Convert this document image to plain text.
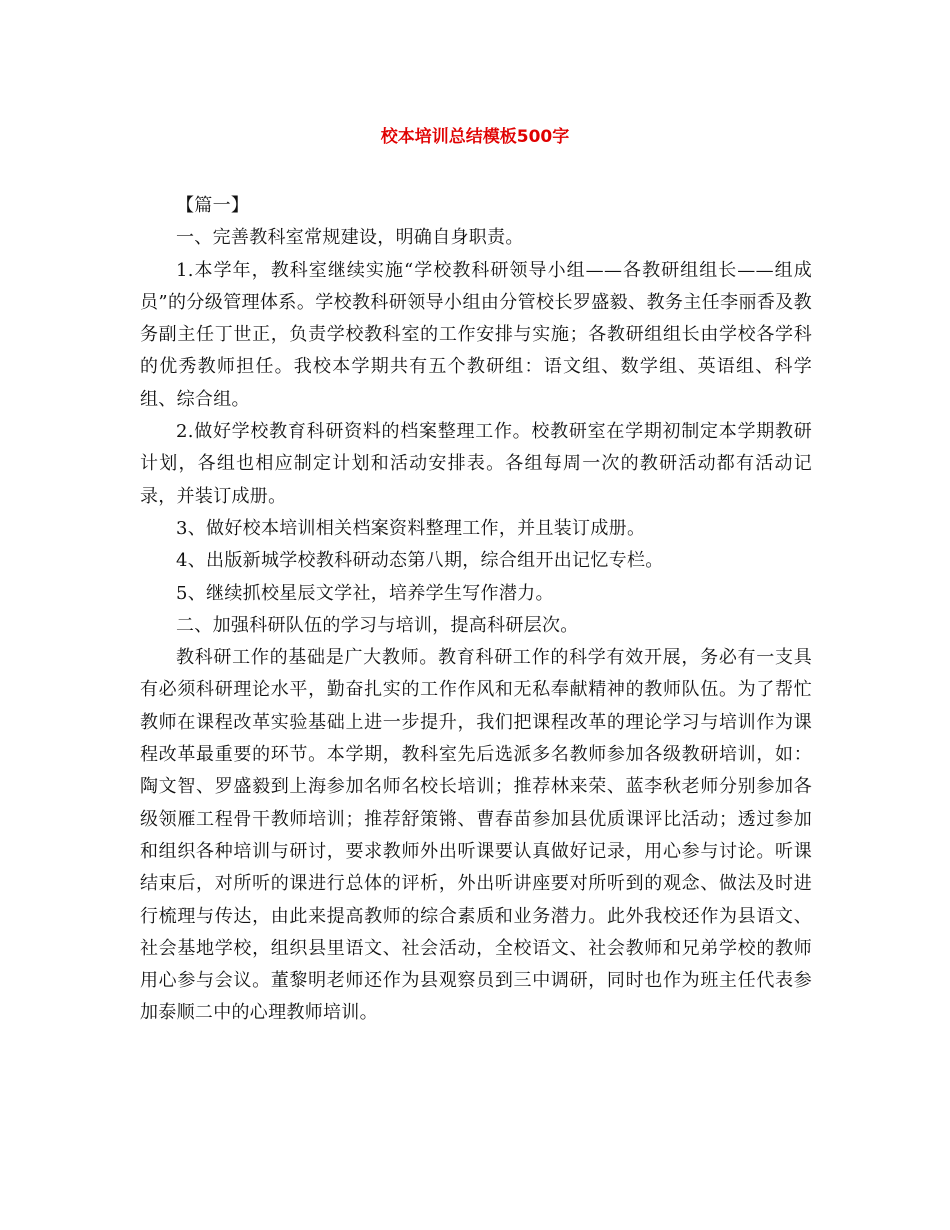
校本培训总结模板500字

【篇一】

一、完善教科室常规建设，明确自身职责。

1.本学年，教科室继续实施“学校教科研领导小组——各教研组组长——组成员”的分级管理体系。学校教科研领导小组由分管校长罗盛毅、教务主任李丽香及教务副主任丁世正，负责学校教科室的工作安排与实施；各教研组组长由学校各学科的优秀教师担任。我校本学期共有五个教研组：语文组、数学组、英语组、科学组、综合组。

2.做好学校教育科研资料的档案整理工作。校教研室在学期初制定本学期教研计划，各组也相应制定计划和活动安排表。各组每周一次的教研活动都有活动记录，并装订成册。

3、做好校本培训相关档案资料整理工作，并且装订成册。

4、出版新城学校教科研动态第八期，综合组开出记忆专栏。

5、继续抓校星辰文学社，培养学生写作潜力。

二、加强科研队伍的学习与培训，提高科研层次。

教科研工作的基础是广大教师。教育科研工作的科学有效开展，务必有一支具有必须科研理论水平，勤奋扎实的工作作风和无私奉献精神的教师队伍。为了帮忙教师在课程改革实验基础上进一步提升，我们把课程改革的理论学习与培训作为课程改革最重要的环节。本学期，教科室先后选派多名教师参加各级教研培训，如：陶文智、罗盛毅到上海参加名师名校长培训；推荐林来荣、蓝李秋老师分别参加各级领雁工程骨干教师培训；推荐舒策锵、曹春苗参加县优质课评比活动；透过参加和组织各种培训与研讨，要求教师外出听课要认真做好记录，用心参与讨论。听课结束后，对所听的课进行总体的评析，外出听讲座要对所听到的观念、做法及时进行梳理与传达，由此来提高教师的综合素质和业务潜力。此外我校还作为县语文、社会基地学校，组织县里语文、社会活动，全校语文、社会教师和兄弟学校的教师用心参与会议。董黎明老师还作为县观察员到三中调研，同时也作为班主任代表参加泰顺二中的心理教师培训。
